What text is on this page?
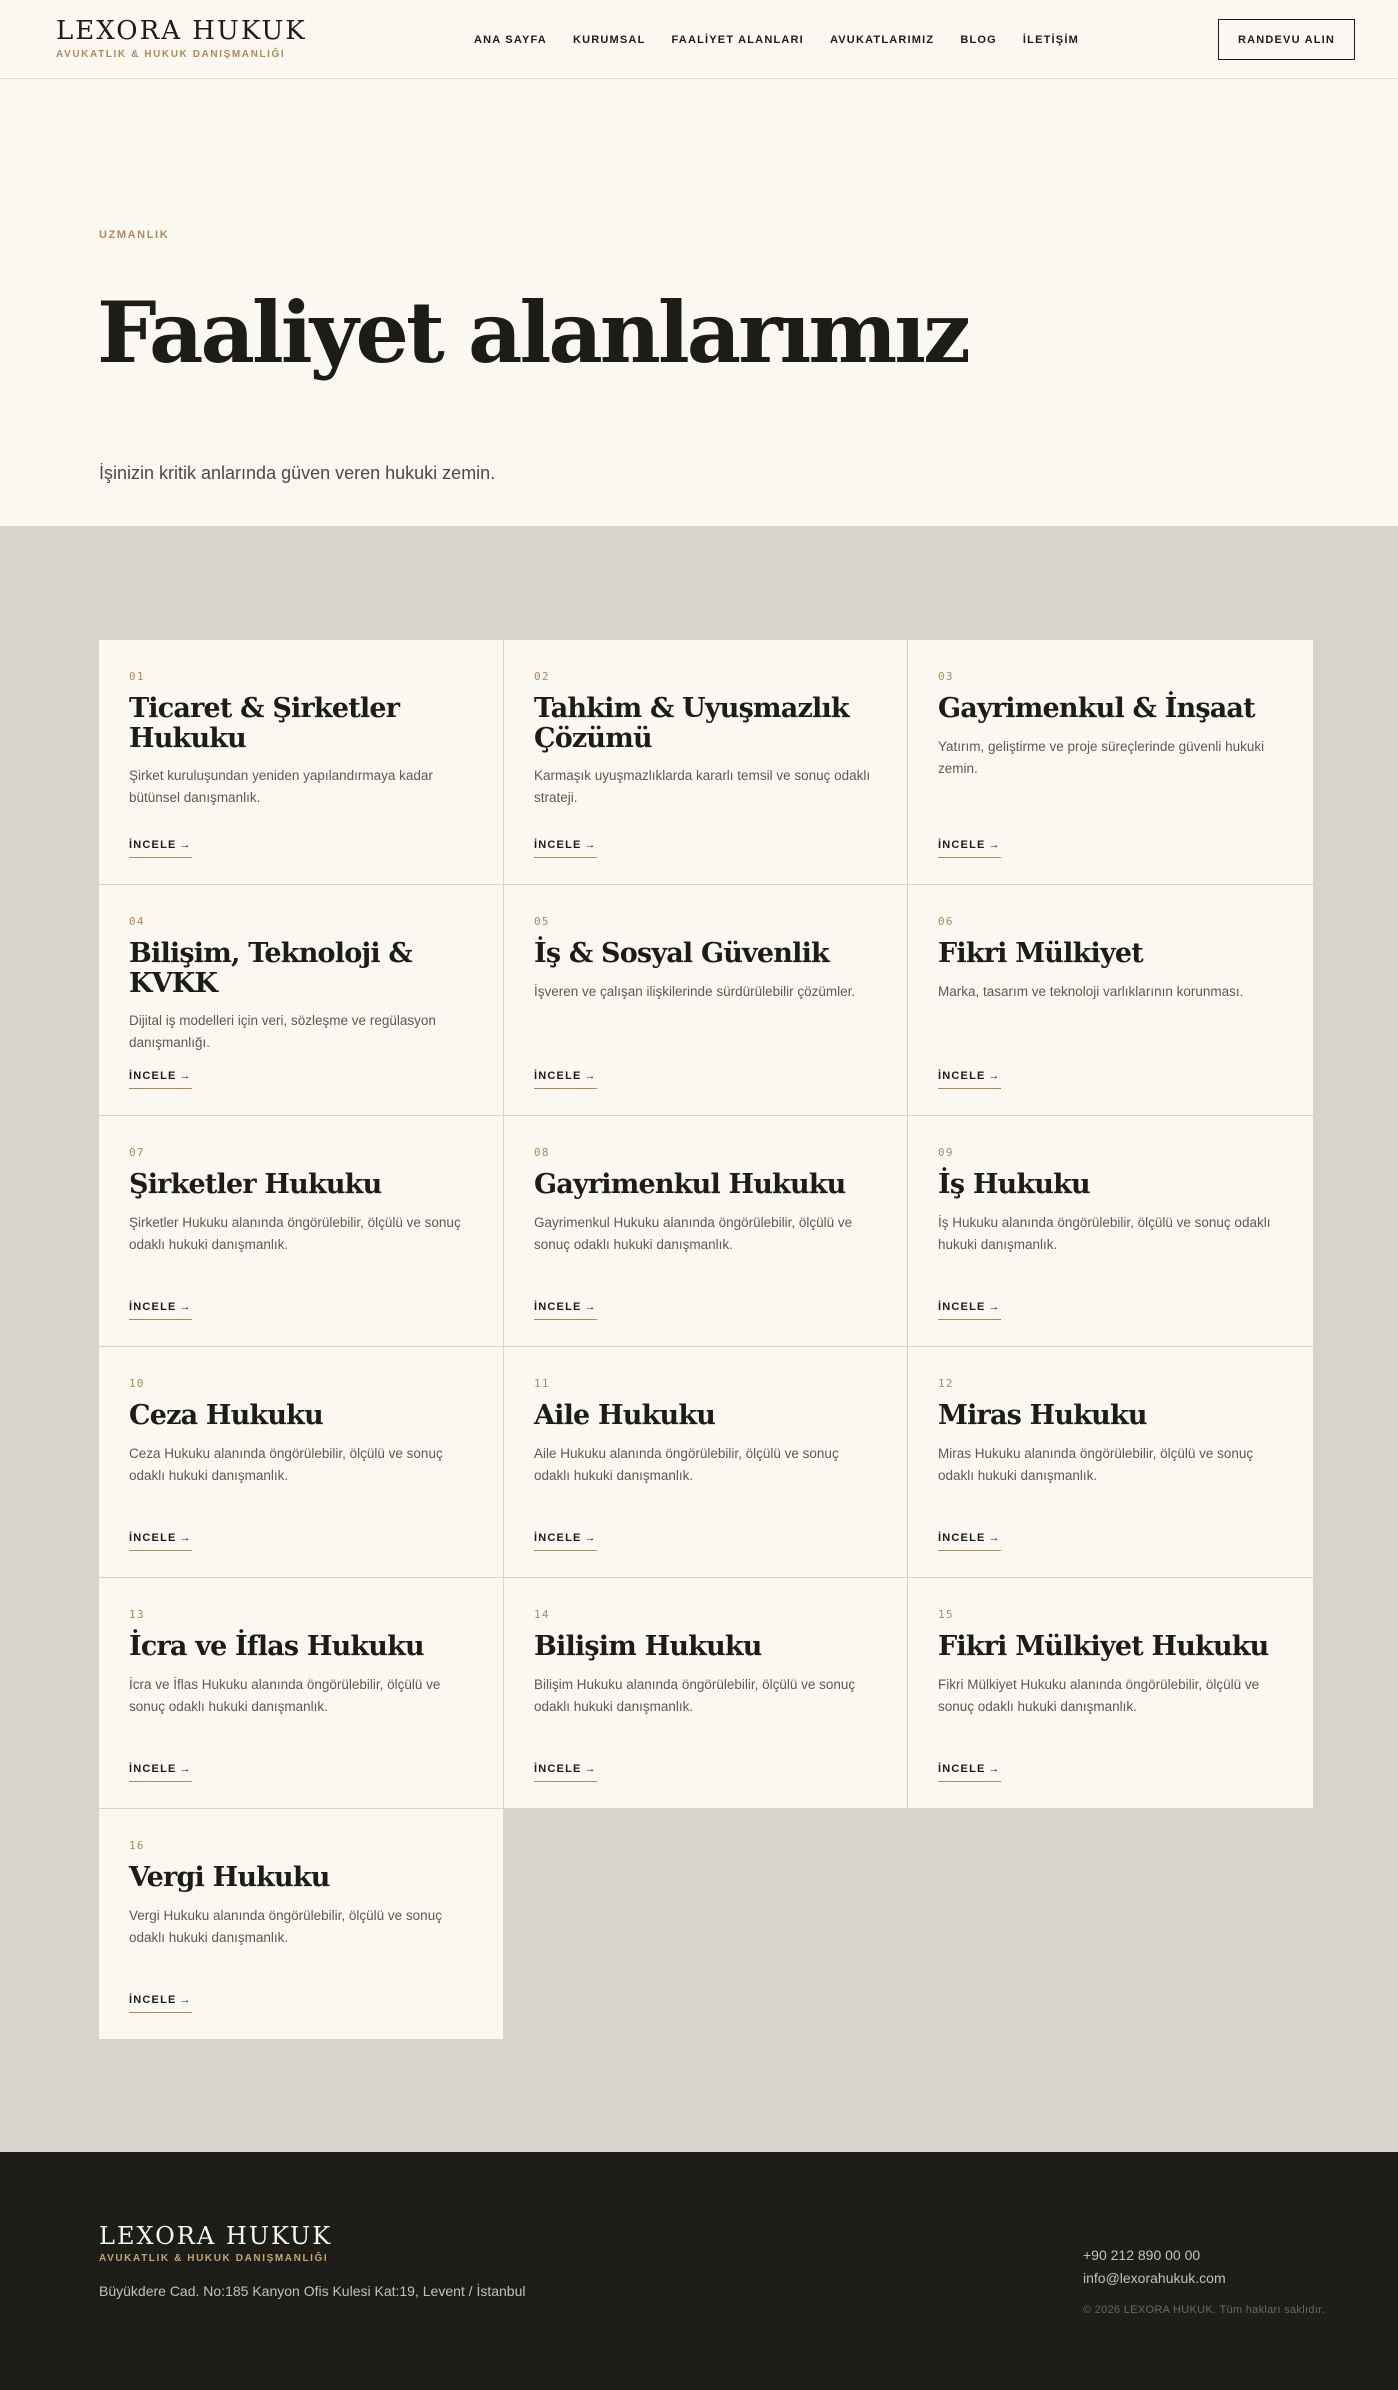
LEXORA HUKUK
AVUKATLIK & HUKUK DANIŞMANLIĞI
ANA SAYFA KURUMSAL FAALİYET ALANLARI AVUKATLARIMIZ BLOG İLETİŞİM	RANDEVU ALIN
UZMANLIK
Faaliyet alanlarımız

İşinizin kritik anlarında güven veren hukuki zemin.

01
Ticaret & Şirketler Hukuku

Şirket kuruluşundan yeniden yapılandırmaya kadar bütünsel danışmanlık.

İNCELE →
02
Tahkim & Uyuşmazlık Çözümü

Karmaşık uyuşmazlıklarda kararlı temsil ve sonuç odaklı strateji.

İNCELE →
03
Gayrimenkul & İnşaat

Yatırım, geliştirme ve proje süreçlerinde güvenli hukuki zemin.

İNCELE →
04
Bilişim, Teknoloji & KVKK

Dijital iş modelleri için veri, sözleşme ve regülasyon danışmanlığı.

İNCELE →
05
İş & Sosyal Güvenlik

İşveren ve çalışan ilişkilerinde sürdürülebilir çözümler.

İNCELE →
06
Fikri Mülkiyet

Marka, tasarım ve teknoloji varlıklarının korunması.

İNCELE →
07
Şirketler Hukuku

Şirketler Hukuku alanında öngörülebilir, ölçülü ve sonuç odaklı hukuki danışmanlık.

İNCELE →
08
Gayrimenkul Hukuku

Gayrimenkul Hukuku alanında öngörülebilir, ölçülü ve sonuç odaklı hukuki danışmanlık.

İNCELE →
09
İş Hukuku

İş Hukuku alanında öngörülebilir, ölçülü ve sonuç odaklı hukuki danışmanlık.

İNCELE →
10
Ceza Hukuku

Ceza Hukuku alanında öngörülebilir, ölçülü ve sonuç odaklı hukuki danışmanlık.

İNCELE →
11
Aile Hukuku

Aile Hukuku alanında öngörülebilir, ölçülü ve sonuç odaklı hukuki danışmanlık.

İNCELE →
12
Miras Hukuku

Miras Hukuku alanında öngörülebilir, ölçülü ve sonuç odaklı hukuki danışmanlık.

İNCELE →
13
İcra ve İflas Hukuku

İcra ve İflas Hukuku alanında öngörülebilir, ölçülü ve sonuç odaklı hukuki danışmanlık.

İNCELE →
14
Bilişim Hukuku

Bilişim Hukuku alanında öngörülebilir, ölçülü ve sonuç odaklı hukuki danışmanlık.

İNCELE →
15
Fikri Mülkiyet Hukuku

Fikri Mülkiyet Hukuku alanında öngörülebilir, ölçülü ve sonuç odaklı hukuki danışmanlık.

İNCELE →
16
Vergi Hukuku

Vergi Hukuku alanında öngörülebilir, ölçülü ve sonuç odaklı hukuki danışmanlık.

İNCELE →
LEXORA HUKUK
AVUKATLIK & HUKUK DANIŞMANLIĞI
Büyükdere Cad. No:185 Kanyon Ofis Kulesi Kat:19, Levent / İstanbul
+90 212 890 00 00
info@lexorahukuk.com
© 2026 LEXORA HUKUK. Tüm hakları saklıdır.
